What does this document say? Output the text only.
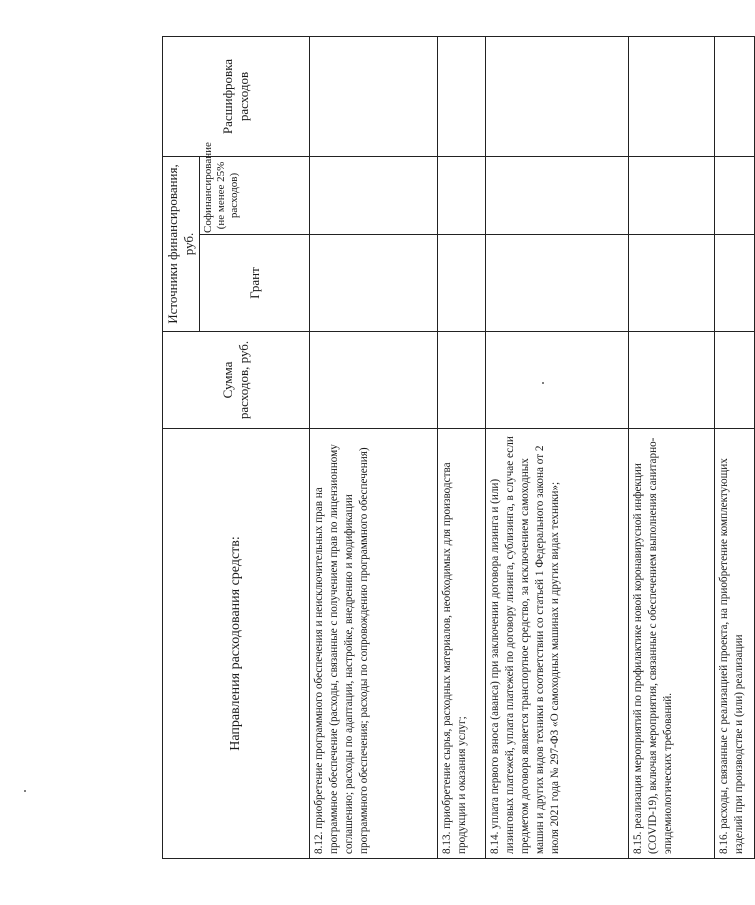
Направления расходования средств:	Сумма расходов, руб.	Источники финансирования, руб.		Расшифровка расходов
		Грант	Софинансирование (не менее 25% расходов)	
8.12. приобретение программного обеспечения и неисключительных прав на программное обеспечение (расходы, связанные с получением прав по лицензионному соглашению; расходы по адаптации, настройке, внедрению и модификации программного обеспечения; расходы по сопровождению программного обеспечения)				
8.13. приобретение сырья, расходных материалов, необходимых для производства продукции и оказания услуг;				
8.14. уплата первого взноса (аванса) при заключении договора лизинга и (или) лизинговых платежей, уплата платежей по договору лизинга, сублизинга, в случае если предметом договора является транспортное средство, за исключением самоходных машин и других видов техники в соответствии со статьей 1 Федерального закона от 2 июля 2021 года № 297-ФЗ «О самоходных машинах и других видах техники»;				
8.15. реализация мероприятий по профилактике новой коронавирусной инфекции (COVID-19), включая мероприятия, связанные с обеспечением выполнения санитарно-эпидемиологических требований.				
8.16. расходы, связанные с реализацией проекта, на приобретение комплектующих изделий при производстве и (или) реализации				
